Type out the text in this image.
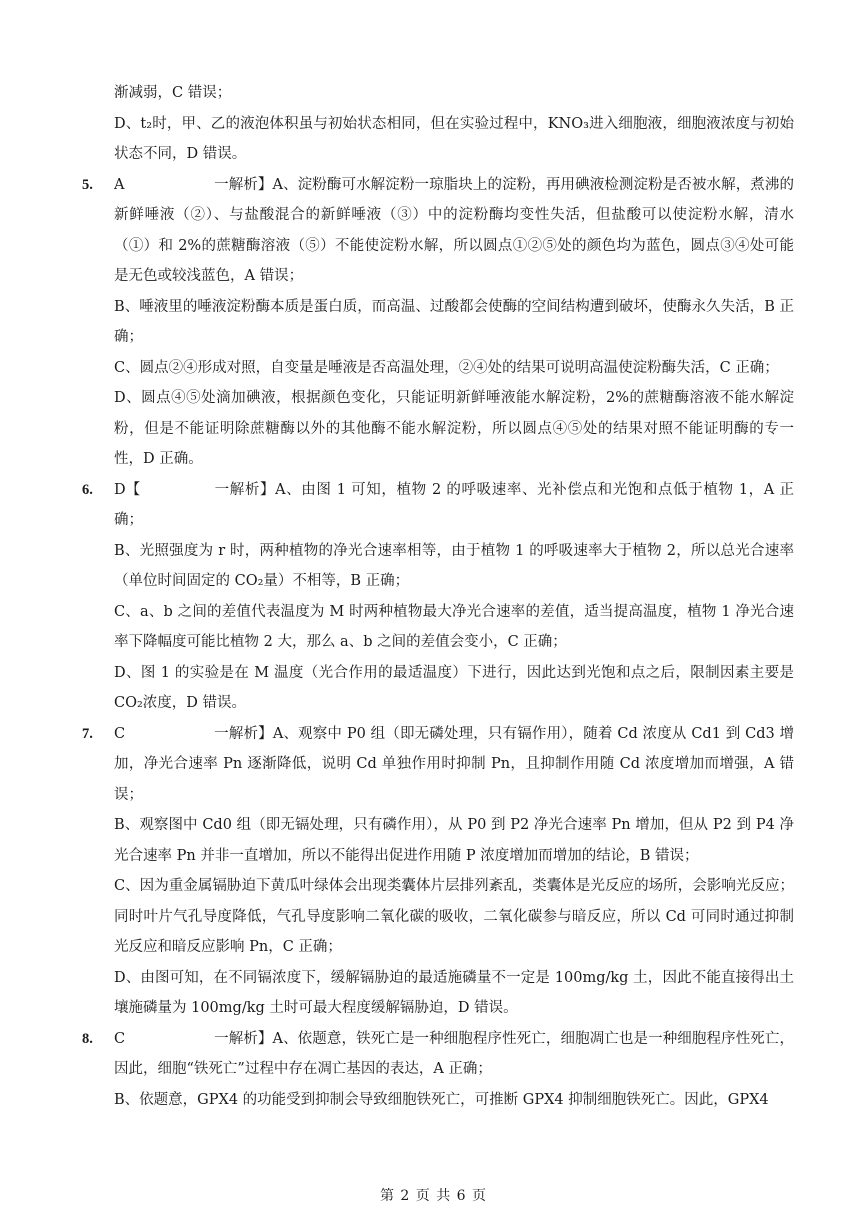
渐减弱，C 错误；

D、t₂时，甲、乙的液泡体积虽与初始状态相同，但在实验过程中，KNO₃进入细胞液，细胞液浓度与初始状态不同，D 错误。

5.	A	一解析】A、淀粉酶可水解淀粉一琼脂块上的淀粉，再用碘液检测淀粉是否被水解，煮沸的新鲜唾液（②）、与盐酸混合的新鲜唾液（③）中的淀粉酶均变性失活，但盐酸可以使淀粉水解，清水（①）和 2%的蔗糖酶溶液（⑤）不能使淀粉水解，所以圆点①②⑤处的颜色均为蓝色，圆点③④处可能是无色或较浅蓝色，A 错误；

B、唾液里的唾液淀粉酶本质是蛋白质，而高温、过酸都会使酶的空间结构遭到破坏，使酶永久失活，B 正确；

C、圆点②④形成对照，自变量是唾液是否高温处理，②④处的结果可说明高温使淀粉酶失活，C 正确；

D、圆点④⑤处滴加碘液，根据颜色变化，只能证明新鲜唾液能水解淀粉，2%的蔗糖酶溶液不能水解淀粉，但是不能证明除蔗糖酶以外的其他酶不能水解淀粉，所以圆点④⑤处的结果对照不能证明酶的专一性，D 正确。

6.	D【	一解析】A、由图 1 可知，植物 2 的呼吸速率、光补偿点和光饱和点低于植物 1，A 正确；

B、光照强度为 r 时，两种植物的净光合速率相等，由于植物 1 的呼吸速率大于植物 2，所以总光合速率（单位时间固定的 CO₂量）不相等，B 正确；

C、a、b 之间的差值代表温度为 M 时两种植物最大净光合速率的差值，适当提高温度，植物 1 净光合速率下降幅度可能比植物 2 大，那么 a、b 之间的差值会变小，C 正确；

D、图 1 的实验是在 M 温度（光合作用的最适温度）下进行，因此达到光饱和点之后，限制因素主要是 CO₂浓度，D 错误。

7.	C	一解析】A、观察中 P0 组（即无磷处理，只有镉作用），随着 Cd 浓度从 Cd1 到 Cd3 增加，净光合速率 Pn 逐渐降低，说明 Cd 单独作用时抑制 Pn，且抑制作用随 Cd 浓度增加而增强，A 错误；

B、观察图中 Cd0 组（即无镉处理，只有磷作用），从 P0 到 P2 净光合速率 Pn 增加，但从 P2 到 P4 净光合速率 Pn 并非一直增加，所以不能得出促进作用随 P 浓度增加而增加的结论，B 错误；

C、因为重金属镉胁迫下黄瓜叶绿体会出现类囊体片层排列紊乱，类囊体是光反应的场所，会影响光反应；同时叶片气孔导度降低，气孔导度影响二氧化碳的吸收，二氧化碳参与暗反应，所以 Cd 可同时通过抑制光反应和暗反应影响 Pn，C 正确；

D、由图可知，在不同镉浓度下，缓解镉胁迫的最适施磷量不一定是 100mg/kg 土，因此不能直接得出土壤施磷量为 100mg/kg 土时可最大程度缓解镉胁迫，D 错误。

8.	C	一解析】A、依题意，铁死亡是一种细胞程序性死亡，细胞凋亡也是一种细胞程序性死亡，因此，细胞“铁死亡”过程中存在凋亡基因的表达，A 正确；

B、依题意，GPX4 的功能受到抑制会导致细胞铁死亡，可推断 GPX4 抑制细胞铁死亡。因此，GPX4

第 2 页 共 6 页
